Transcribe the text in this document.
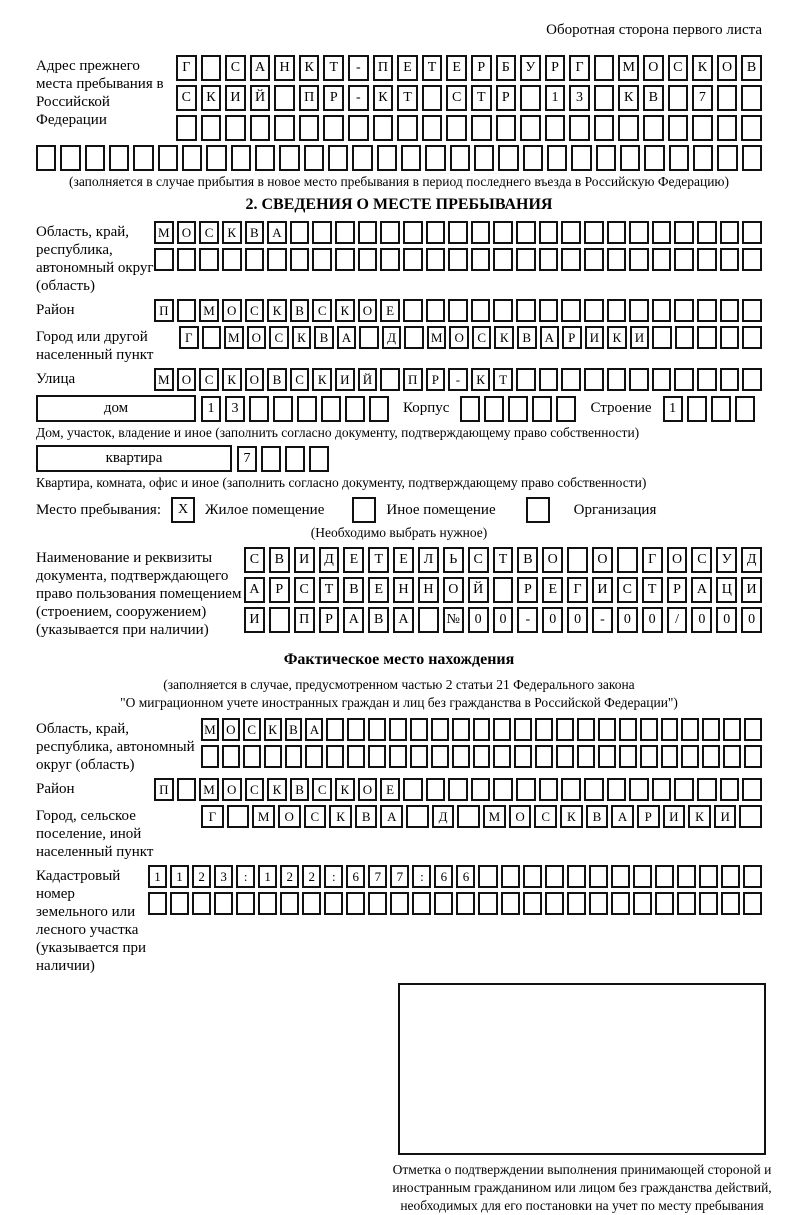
Оборотная сторона первого листа
Адрес прежнего места пребывания в Российской Федерации
Г	С	А	Н	К	Т	-	П	Е	Т	Е	Р	Б	У	Р	Г	М О	С	К	О	В
С	К	И	Й	П	Р	-	К	Т	С	Т	Р	1	3	К	В	7
(заполняется в случае прибытия в новое место пребывания в период последнего въезда в Российскую Федерацию)
2. СВЕДЕНИЯ О МЕСТЕ ПРЕБЫВАНИЯ
Область, край, республика, автономный округ (область)
М О	С	К	В	А
Район	П	М О	С	К	В	С	К	О	Е
Город или другой населенный пункт
Г	М О	С	К	В	А	Д	М О	С	К	В	А	Р	И	К	И
Улица	М О	С	К	О	В	С	К	И	Й	П	Р	-	К	Т
дом	1	3	Корпус	Строение	1
Дом, участок, владение и иное (заполнить согласно документу, подтверждающему право собственности)
квартира	7
Квартира, комната, офис и иное (заполнить согласно документу, подтверждающему право собственности)
Место пребывания:	X	Жилое помещение	Иное помещение	Организация
(Необходимо выбрать нужное)
Наименование и реквизиты документа, подтверждающего право пользования помещением (строением, сооружением) (указывается при наличии)
С	В	И	Д	Е	Т	Е	Л	Ь	С	Т	В	О	О	Г	О	С	У	Д
А	Р	С	Т	В	Е	Н	Н	О	Й	Р	Е	Г	И	С	Т	Р	А	Ц	И
И	П	Р	А	В	А	№	0	0	-	0	0	-	0	0	/	0	0	0
Фактическое место нахождения
(заполняется в случае, предусмотренном частью 2 статьи 21 Федерального закона
"О миграционном учете иностранных граждан и лиц без гражданства в Российской Федерации")
Область, край, республика, автономный округ (область)
М О С К В А
Район	П	М О	С	К	В	С	К	О	Е
Город, сельское поселение, иной населенный пункт
Г	М	О	С	К	В	А	Д	М	О	С	К	В	А	Р	И	К	И
Кадастровый номер земельного или лесного участка (указывается при наличии)
1	1	2	3	:	1	2	2	:	6	7	7	:	6	6
Отметка о подтверждении выполнения принимающей стороной и иностранным гражданином или лицом без гражданства действий, необходимых для его постановки на учет по месту пребывания
